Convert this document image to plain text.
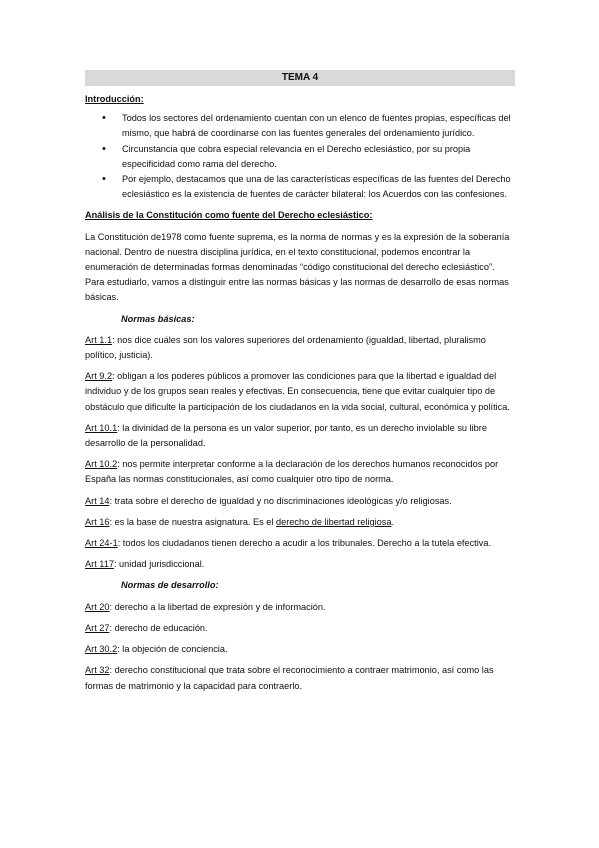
TEMA 4
Introducción:
• Todos los sectores del ordenamiento cuentan con un elenco de fuentes propias, específicas del mismo, que habrá de coordinarse con las fuentes generales del ordenamiento jurídico.
• Circunstancia que cobra especial relevancia en el Derecho eclesiástico, por su propia especificidad como rama del derecho.
• Por ejemplo, destacamos que una de las características específicas de las fuentes del Derecho eclesiástico es la existencia de fuentes de carácter bilateral: los Acuerdos con las confesiones.
Análisis de la Constitución como fuente del Derecho eclesiástico:

La Constitución de1978 como fuente suprema, es la norma de normas y es la expresión de la soberanía nacional. Dentro de nuestra disciplina jurídica, en el texto constitucional, podemos encontrar la enumeración de determinadas formas denominadas “código constitucional del derecho eclesiástico”. Para estudiarlo, vamos a distinguir entre las normas básicas y las normas de desarrollo de esas normas básicas.

Normas básicas:

Art 1.1: nos dice cuáles son los valores superiores del ordenamiento (igualdad, libertad, pluralismo político, justicia).

Art 9.2: obligan a los poderes públicos a promover las condiciones para que la libertad e igualdad del individuo y de los grupos sean reales y efectivas. En consecuencia, tiene que evitar cualquier tipo de obstáculo que dificulte la participación de los ciudadanos en la vida social, cultural, económica y política.

Art 10.1: la divinidad de la persona es un valor superior, por tanto, es un derecho inviolable su libre desarrollo de la personalidad.

Art 10.2: nos permite interpretar conforme a la declaración de los derechos humanos reconocidos por España las normas constitucionales, así como cualquier otro tipo de norma.

Art 14: trata sobre el derecho de igualdad y no discriminaciones ideológicas y/o religiosas.

Art 16: es la base de nuestra asignatura. Es el derecho de libertad religiosa.

Art 24-1: todos los ciudadanos tienen derecho a acudir a los tribunales. Derecho a la tutela efectiva.

Art 117: unidad jurisdiccional.

Normas de desarrollo:

Art 20: derecho a la libertad de expresión y de información.

Art 27: derecho de educación.

Art 30.2: la objeción de conciencia.

Art 32: derecho constitucional que trata sobre el reconocimiento a contraer matrimonio, así como las formas de matrimonio y la capacidad para contraerlo.
